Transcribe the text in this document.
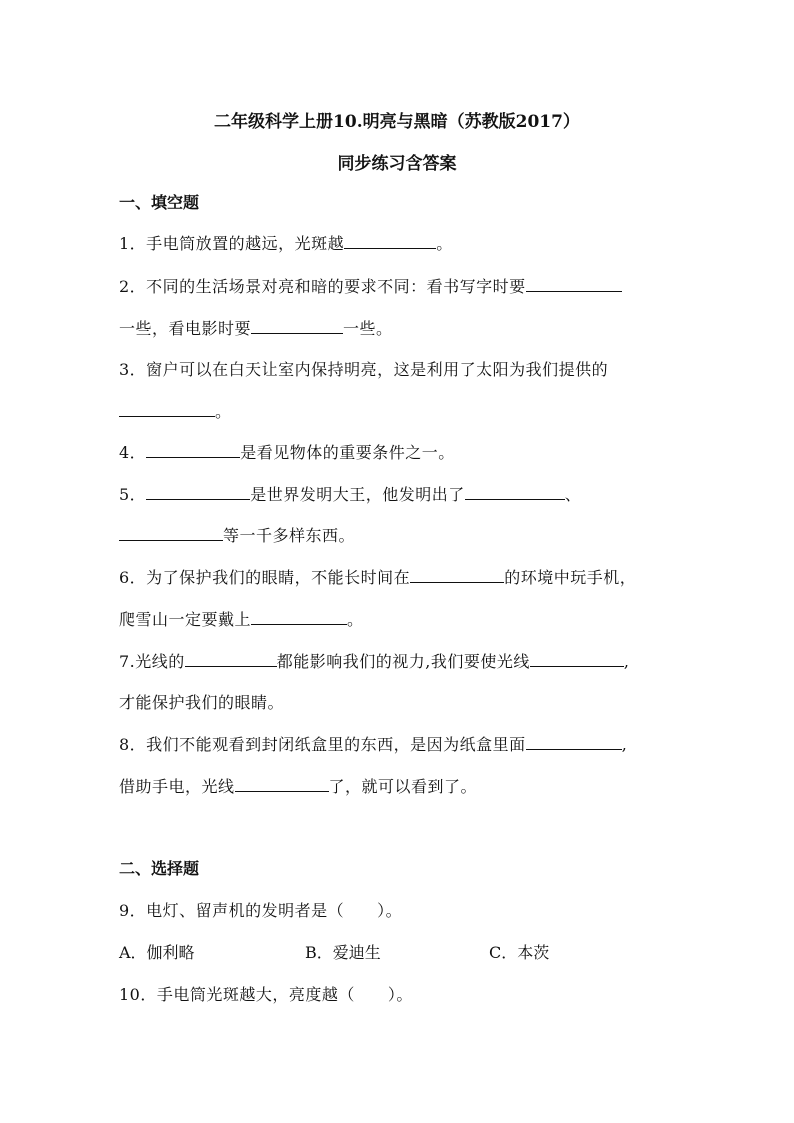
二年级科学上册10.明亮与黑暗（苏教版2017）
同步练习含答案
一、填空题
1．手电筒放置的越远，光斑越	。
2．不同的生活场景对亮和暗的要求不同：看书写字时要
一些，看电影时要	一些。
3．窗户可以在白天让室内保持明亮，这是利用了太阳为我们提供的
。
4．	是看见物体的重要条件之一。
5．	是世界发明大王，他发明出了	、
等一千多样东西。
6．为了保护我们的眼睛，不能长时间在	的环境中玩手机，
爬雪山一定要戴上	。
7.光线的	都能影响我们的视力,我们要使光线	,
才能保护我们的眼睛。
8．我们不能观看到封闭纸盒里的东西，是因为纸盒里面	,
借助手电，光线	了，就可以看到了。
二、选择题
9．电灯、留声机的发明者是（　　）。
A．伽利略	B．爱迪生	C．本茨
10．手电筒光斑越大，亮度越（　　）。
